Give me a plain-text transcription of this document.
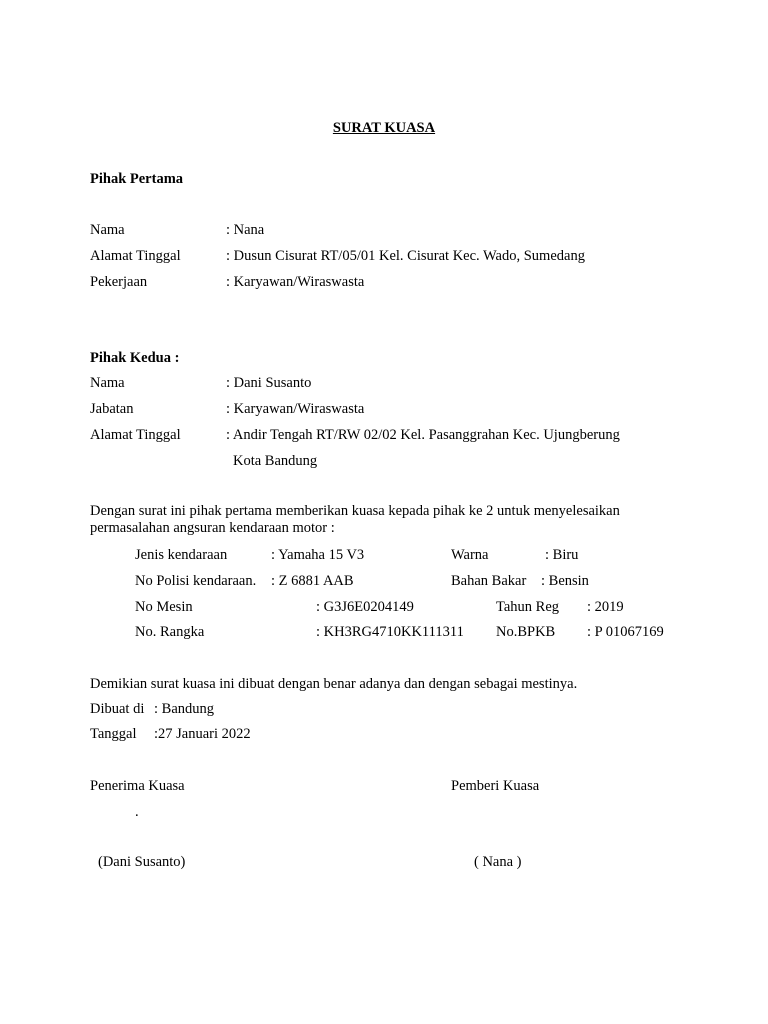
SURAT KUASA
Pihak Pertama
Nama	: Nana
Alamat Tinggal	: Dusun Cisurat RT/05/01 Kel. Cisurat Kec. Wado, Sumedang
Pekerjaan	: Karyawan/Wiraswasta
Pihak Kedua :
Nama	: Dani Susanto
Jabatan	: Karyawan/Wiraswasta
Alamat Tinggal	: Andir Tengah RT/RW 02/02 Kel. Pasanggrahan Kec. Ujungberung
Kota Bandung
Dengan surat ini pihak pertama memberikan kuasa kepada pihak ke 2 untuk menyelesaikan permasalahan angsuran kendaraan motor :
Jenis kendaraan	: Yamaha 15 V3	Warna	: Biru
No Polisi kendaraan. : Z 6881 AAB	Bahan Bakar : Bensin
No Mesin	: G3J6E0204149	Tahun Reg : 2019
No. Rangka	: KH3RG4710KK111311 No.BPKB : P 01067169
Demikian surat kuasa ini dibuat dengan benar adanya dan dengan sebagai mestinya.
Dibuat di : Bandung
Tanggal :27 Januari 2022
Penerima Kuasa	Pemberi Kuasa
.
(Dani Susanto)	( Nana )
